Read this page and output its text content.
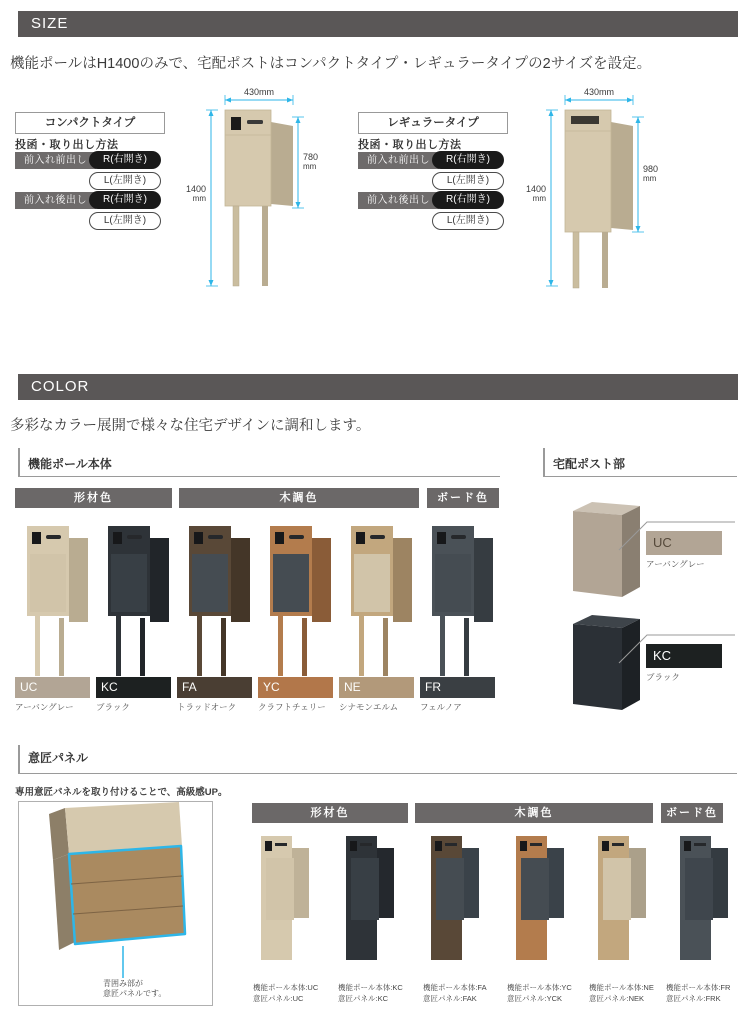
SIZE
機能ポールはH1400のみで、宅配ポストはコンパクトタイプ・レギュラータイプの2サイズを設定。
コンパクトタイプ
投函・取り出し方法
前入れ前出し	R(右開き)
L(左開き)
前入れ後出し	R(右開き)
L(左開き)
430mm
1400
mm
780
mm
レギュラータイプ
投函・取り出し方法
前入れ前出し	R(右開き)
L(左開き)
前入れ後出し	R(右開き)
L(左開き)
430mm
1400
mm
980
mm
COLOR
多彩なカラー展開で様々な住宅デザインに調和します。
機能ポール本体	宅配ポスト部
形材色	木調色	ボード色
UC
アーバングレー
KC
ブラック
FA
トラッドオーク
YC
クラフトチェリー
NE
シナモンエルム
FR
フェルノア
UC
アーバングレー
KC
ブラック
意匠パネル
専用意匠パネルを取り付けることで、高級感UP。
青囲み部が
意匠パネルです。
形材色	木調色	ボード色
機能ポール本体:UC
意匠パネル:UC
機能ポール本体:KC
意匠パネル:KC
機能ポール本体:FA
意匠パネル:FAK
機能ポール本体:YC
意匠パネル:YCK
機能ポール本体:NE
意匠パネル:NEK
機能ポール本体:FR
意匠パネル:FRK
